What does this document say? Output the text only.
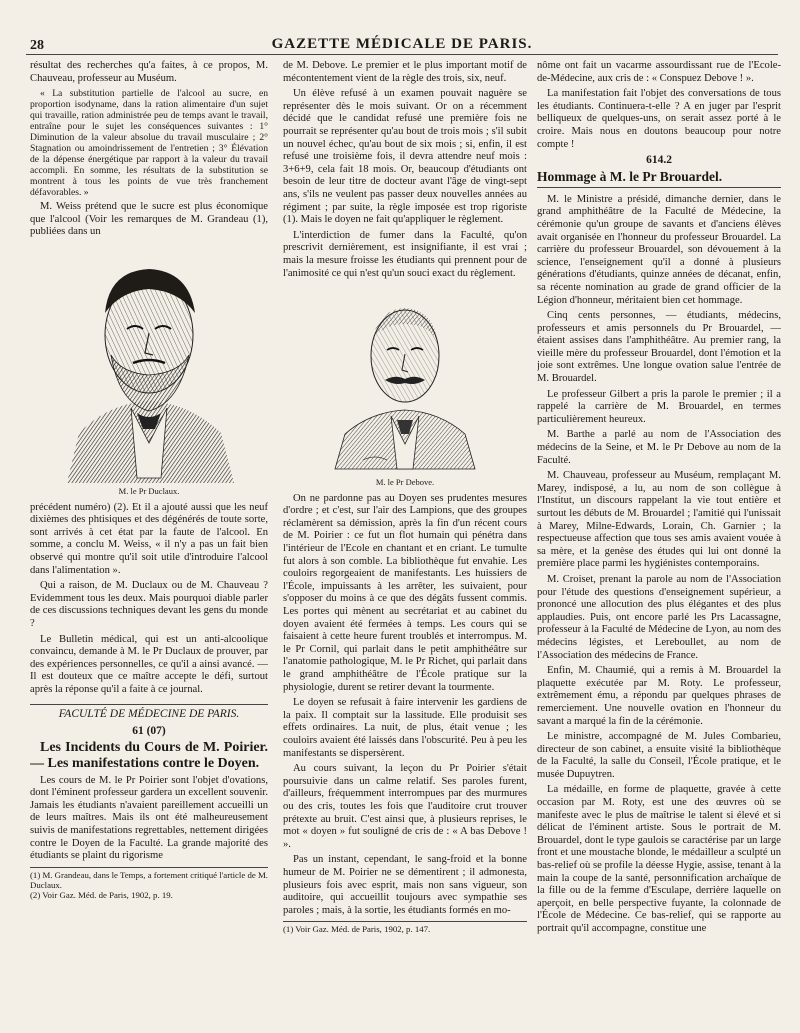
28	GAZETTE MÉDICALE DE PARIS.

résultat des recherches qu'a faites, à ce propos, M. Chauveau, professeur au Muséum.

« La substitution partielle de l'alcool au sucre, en proportion isodyname, dans la ration alimentaire d'un sujet qui travaille, ration administrée peu de temps avant le travail, entraîne pour le sujet les conséquences suivantes : 1° Diminution de la valeur absolue du travail musculaire ; 2° Stagnation ou amoindrissement de l'entretien ; 3° Élévation de la dépense énergétique par rapport à la valeur du travail accompli. En somme, les résultats de la substitution se montrent à tous les points de vue très franchement défavorables. »

M. Weiss prétend que le sucre est plus économique que l'alcool (Voir les remarques de M. Grandeau (1), publiées dans un

M. le Pr Duclaux.

précédent numéro) (2). Et il a ajouté aussi que les neuf dixièmes des phtisiques et des dégénérés de toute sorte, sont arrivés à cet état par la faute de l'alcool. En somme, a conclu M. Weiss, « il n'y a pas un fait bien observé qui montre qu'il soit utile d'introduire l'alcool dans l'alimentation ».

Qui a raison, de M. Duclaux ou de M. Chauveau ? Evidemment tous les deux. Mais pourquoi diable parler de ces discussions techniques devant les gens du monde ?

Le Bulletin médical, qui est un anti-alcoolique convaincu, demande à M. le Pr Duclaux de prouver, par des expériences personnelles, ce qu'il a ainsi avancé. — Il est douteux que ce maître accepte le défi, surtout après la réponse qu'il a faite à ce journal.

FACULTÉ DE MÉDECINE DE PARIS.
61 (07)

Les Incidents du Cours de M. Poirier. — Les manifestations contre le Doyen.

Les cours de M. le Pr Poirier sont l'objet d'ovations, dont l'éminent professeur gardera un excellent souvenir. Jamais les étudiants n'avaient pareillement accueilli un de leurs maîtres. Mais ils ont été malheureusement suivis de manifestations regrettables, nettement dirigées contre le Doyen de la Faculté. La grande majorité des étudiants se plaint du rigorisme

(1) M. Grandeau, dans le Temps, a fortement critiqué l'article de M. Duclaux.
(2) Voir Gaz. Méd. de Paris, 1902, p. 19.

de M. Debove. Le premier et le plus important motif de mécontentement vient de la règle des trois, six, neuf.

Un élève refusé à un examen pouvait naguère se représenter dès le mois suivant. Or on a récemment décidé que le candidat refusé une première fois ne pourrait se représenter qu'au bout de trois mois ; s'il subit un nouvel échec, qu'au bout de six mois ; si, enfin, il est refusé une troisième fois, il devra attendre neuf mois : 3+6+9, cela fait 18 mois. Or, beaucoup d'étudiants ont besoin de leur titre de docteur avant l'âge de vingt-sept ans, s'ils ne veulent pas passer deux nouvelles années au régiment ; par suite, la règle imposée est trop rigoriste (1). Mais le doyen ne fait qu'appliquer le règlement.

L'interdiction de fumer dans la Faculté, qu'on prescrivit dernièrement, est insignifiante, il est vrai ; mais la mesure froisse les étudiants qui prennent pour de l'animosité ce qui n'est qu'un souci exact du règlement.

M. le Pr Debove.

On ne pardonne pas au Doyen ses prudentes mesures d'ordre ; et c'est, sur l'air des Lampions, que des groupes réclamèrent sa démission, après la fin d'un récent cours de M. Poirier : ce fut un flot humain qui pénétra dans l'intérieur de l'Ecole en chantant et en criant. Le tumulte fut alors à son comble. La bibliothèque fut envahie. Les couloirs regorgeaient de manifestants. Les huissiers de l'École, impuissants à les arrêter, les suivaient, pour s'opposer du moins à ce que des dégâts fussent commis. Les portes qui mènent au secrétariat et au cabinet du doyen avaient été fermées à temps. Les cours qui se faisaient à cette heure furent troublés et interrompus. M. le Pr Cornil, qui parlait dans le petit amphithéâtre sur l'anatomie pathologique, M. le Pr Richet, qui parlait dans le grand amphithéâtre de l'École pratique sur la physiologie, durent se retirer devant la tourmente.

Le doyen se refusait à faire intervenir les gardiens de la paix. Il comptait sur la lassitude. Elle produisit ses effets ordinaires. La nuit, de plus, était venue ; les couloirs avaient été laissés dans l'obscurité. Peu à peu les manifestants se dispersèrent.

Au cours suivant, la leçon du Pr Poirier s'était poursuivie dans un calme relatif. Ses paroles furent, d'ailleurs, fréquemment interrompues par des murmures ou des cris, toutes les fois que l'auditoire crut trouver prétexte au bruit. C'est ainsi que, à plusieurs reprises, le mot « doyen » fut souligné de cris de : « A bas Debove ! ».

Pas un instant, cependant, le sang-froid et la bonne humeur de M. Poirier ne se démentirent ; il admonesta, plusieurs fois avec esprit, mais non sans vigueur, son auditoire, qui accueillit toujours avec sympathie ses paroles ; mais, à la sortie, les étudiants formés en mo-

(1) Voir Gaz. Méd. de Paris, 1902, p. 147.

nôme ont fait un vacarme assourdissant rue de l'Ecole-de-Médecine, aux cris de : « Conspuez Debove ! ».

La manifestation fait l'objet des conversations de tous les étudiants. Continuera-t-elle ? A en juger par l'esprit belliqueux de quelques-uns, on serait assez porté à le croire. Mais nous en doutons beaucoup pour notre compte !

614.2
Hommage à M. le Pr Brouardel.

M. le Ministre a présidé, dimanche dernier, dans le grand amphithéâtre de la Faculté de Médecine, la cérémonie qu'un groupe de savants et d'anciens élèves avait organisée en l'honneur du professeur Brouardel. La carrière du professeur Brouardel, son dévouement à la science, l'enseignement qu'il a donné à plusieurs générations d'étudiants, quinze années de décanat, enfin, sa récente nomination au grade de grand officier de la Légion d'honneur, méritaient bien cet hommage.

Cinq cents personnes, — étudiants, médecins, professeurs et amis personnels du Pr Brouardel, — étaient assises dans l'amphithéâtre. Au premier rang, la vieille mère du professeur Brouardel, dont l'émotion et la joie sont extrêmes. Une longue ovation salue l'entrée de M. Brouardel.

Le professeur Gilbert a pris la parole le premier ; il a rappelé la carrière de M. Brouardel, en termes particulièrement heureux.

M. Barthe a parlé au nom de l'Association des médecins de la Seine, et M. le Pr Debove au nom de la Faculté.

M. Chauveau, professeur au Muséum, remplaçant M. Marey, indisposé, a lu, au nom de son collègue à l'Institut, un discours rappelant la vie tout entière et surtout les débuts de M. Brouardel ; l'amitié qui l'unissait à Marey, Milne-Edwards, Lorain, Ch. Garnier ; la respectueuse affection que tous ses amis avaient vouée à sa mère, et la genèse des études qui lui ont donné la première place parmi les hygiénistes contemporains.

M. Croiset, prenant la parole au nom de l'Association pour l'étude des questions d'enseignement supérieur, a prononcé une allocution des plus élégantes et des plus applaudies. Puis, ont encore parlé les Prs Lacassagne, professeur à la Faculté de Médecine de Lyon, au nom des médecins légistes, et Lereboullet, au nom de l'Association des médecins de France.

Enfin, M. Chaumié, qui a remis à M. Brouardel la plaquette exécutée par M. Roty. Le professeur, extrêmement ému, a répondu par quelques phrases de remerciement. Une nouvelle ovation en l'honneur du savant a marqué la fin de la cérémonie.

Le ministre, accompagné de M. Jules Combarieu, directeur de son cabinet, a ensuite visité la bibliothèque de la Faculté, la salle du Conseil, l'École pratique, et le musée Dupuytren.

La médaille, en forme de plaquette, gravée à cette occasion par M. Roty, est une des œuvres où se manifeste avec le plus de maîtrise le talent si élevé et si délicat de l'éminent artiste. Sous le portrait de M. Brouardel, dont le type gaulois se caractérise par un large front et une moustache blonde, le médailleur a sculpté un bas-relief où se profile la déesse Hygie, assise, tenant à la main la coupe de la santé, personnification archaïque de la fille ou de la femme d'Esculape, derrière laquelle on aperçoit, en belle perspective fuyante, la colonnade de l'École de Médecine. Ce bas-relief, qui se rapporte au portrait qu'il accompagne, constitue une
